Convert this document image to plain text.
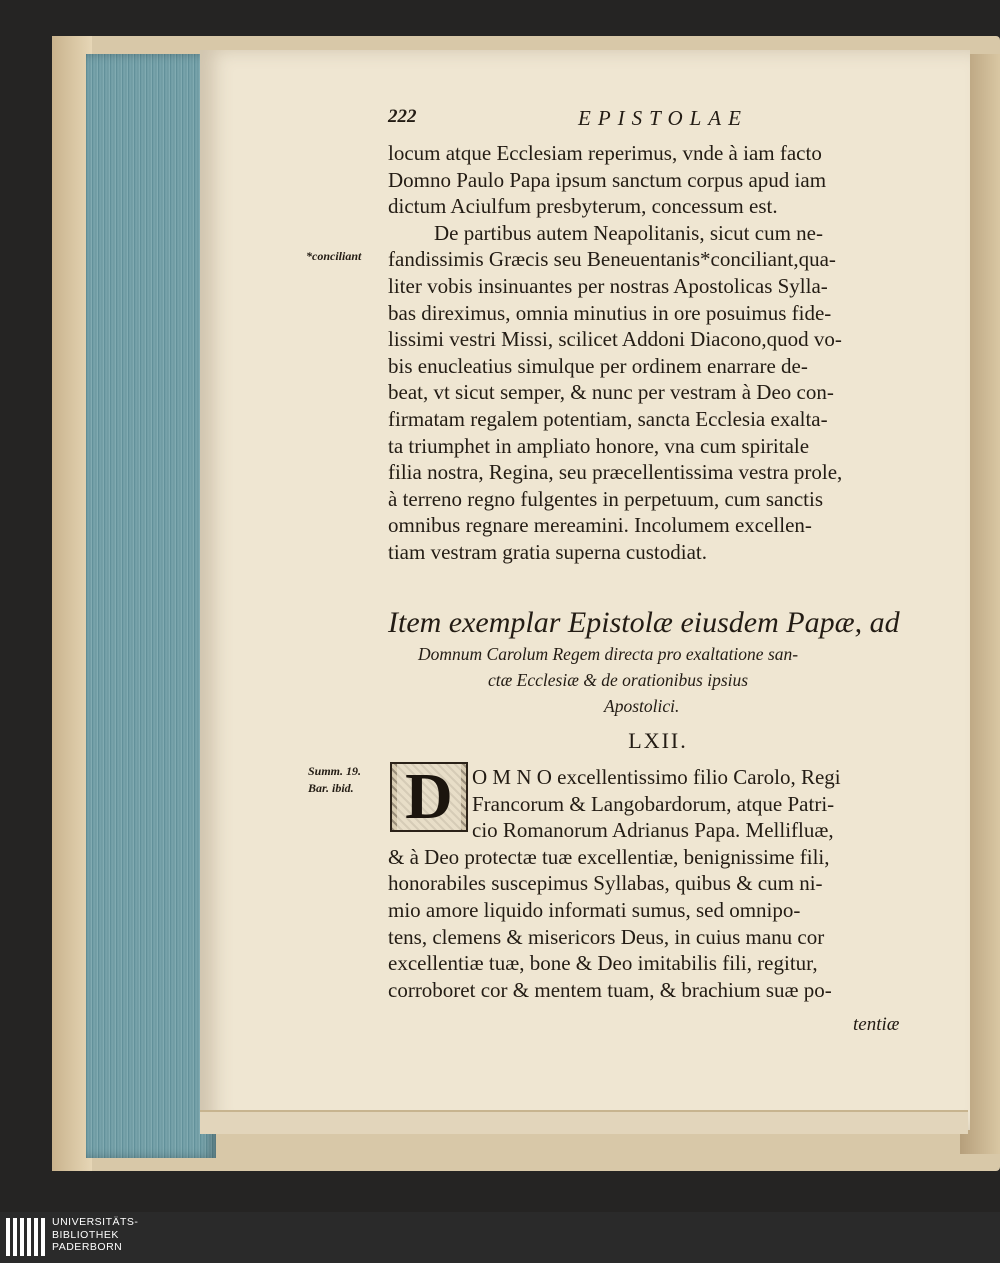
222	EPISTOLAE
*conciliant
Summ. 19.
Bar. ibid.
locum atque Ecclesiam reperimus, vnde à iam facto
Domno Paulo Papa ipsum sanctum corpus apud iam
dictum Aciulfum presbyterum, concessum est.
De partibus autem Neapolitanis, sicut cum ne-
fandissimis Græcis seu Beneuentanis*conciliant,qua-
liter vobis insinuantes per nostras Apostolicas Sylla-
bas direximus, omnia minutius in ore posuimus fide-
lissimi vestri Missi, scilicet Addoni Diacono,quod vo-
bis enucleatius simulque per ordinem enarrare de-
beat, vt sicut semper, & nunc per vestram à Deo con-
firmatam regalem potentiam, sancta Ecclesia exalta-
ta triumphet in ampliato honore, vna cum spiritale
filia nostra, Regina, seu præcellentissima vestra prole,
à terreno regno fulgentes in perpetuum, cum sanctis
omnibus regnare mereamini. Incolumem excellen-
tiam vestram gratia superna custodiat.
Item exemplar Epistolæ eiusdem Papæ, ad
Domnum Carolum Regem directa pro exaltatione san-
ctæ Ecclesiæ & de orationibus ipsius
Apostolici.
LXII.
D O M N O excellentissimo filio Carolo, Regi
Francorum & Langobardorum, atque Patri-
cio Romanorum Adrianus Papa. Mellifluæ,
& à Deo protectæ tuæ excellentiæ, benignissime fili,
honorabiles suscepimus Syllabas, quibus & cum ni-
mio amore liquido informati sumus, sed omnipo-
tens, clemens & misericors Deus, in cuius manu cor
excellentiæ tuæ, bone & Deo imitabilis fili, regitur,
corroboret cor & mentem tuam, & brachium suæ po-
tentiæ
UNIVERSITÄTS-
BIBLIOTHEK
PADERBORN
